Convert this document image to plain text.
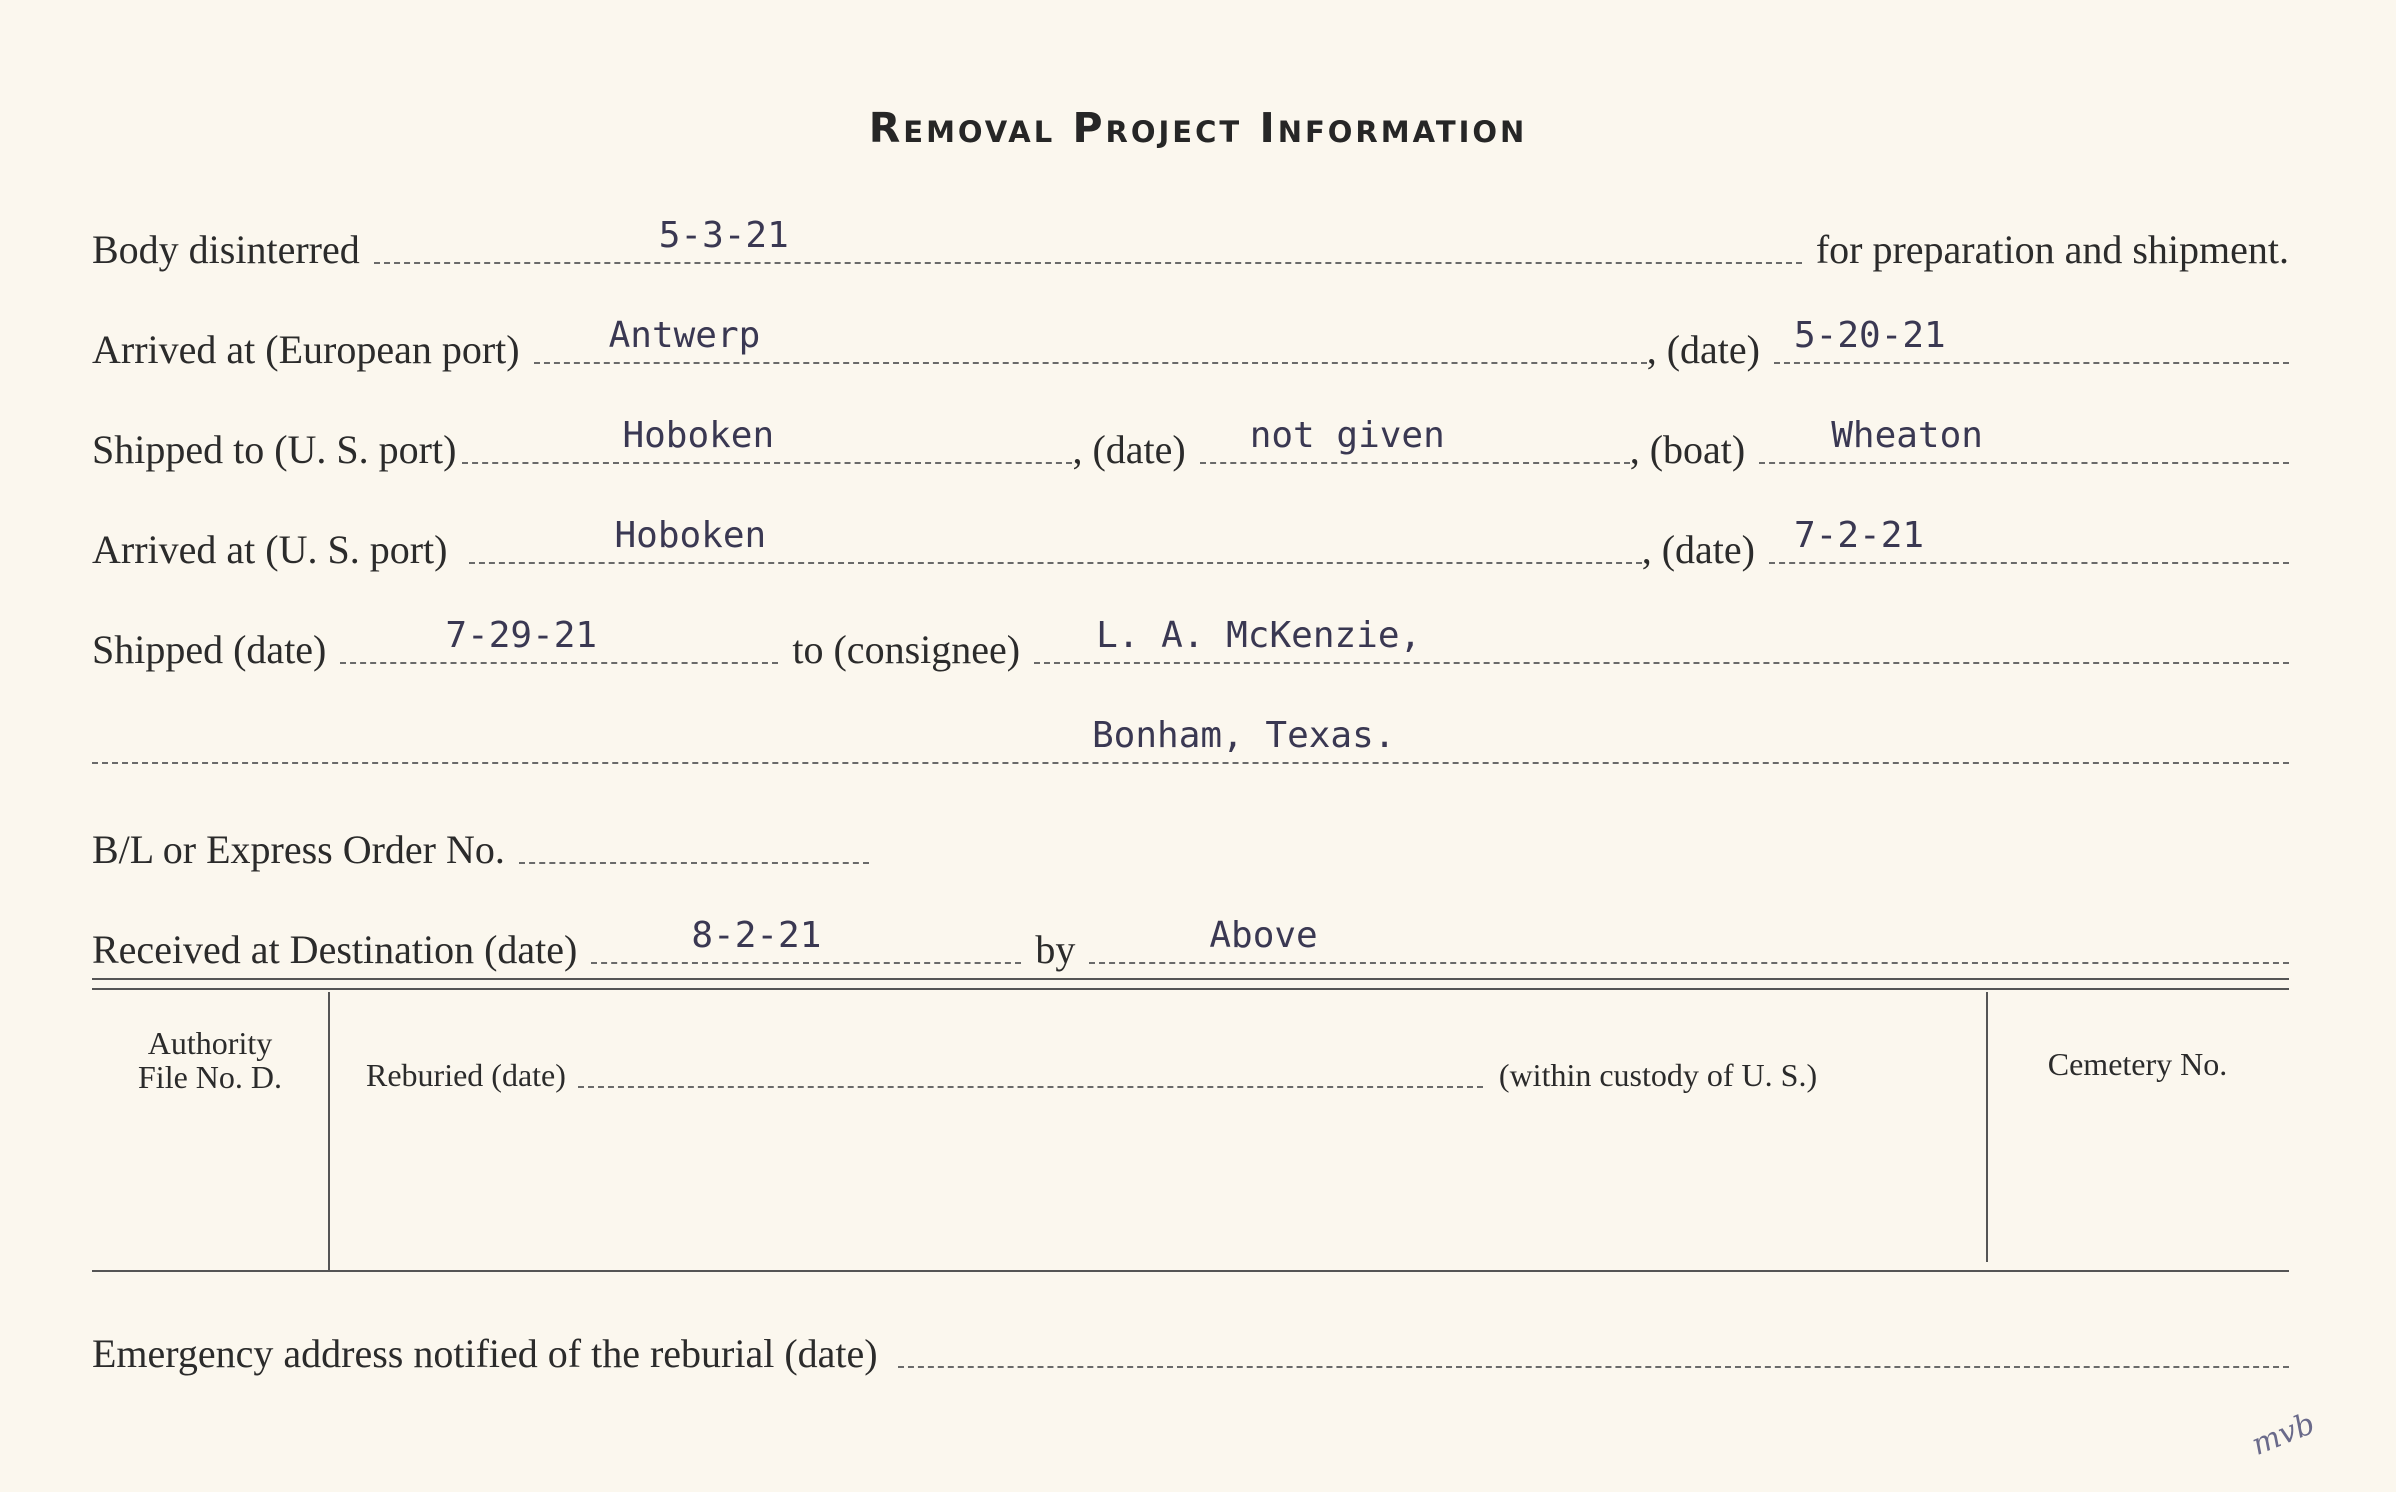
Removal Project Information
Body disinterred	5-3-21	for preparation and shipment.
Arrived at (European port) Antwerp	, (date) 5-20-21
Shipped to (U. S. port)	Hoboken	, (date) not given	, (boat) Wheaton
Arrived at (U. S. port)	Hoboken	, (date) 7-2-21
Shipped (date)	7-29-21	to (consignee) L. A. McKenzie,
Bonham, Texas.
B/L or Express Order No.
Received at Destination (date)	8-2-21	by	Above
Authority
File No. D.	Reburied (date)	(within custody of U. S.)	Cemetery No.
Emergency address notified of the reburial (date)
mvb
